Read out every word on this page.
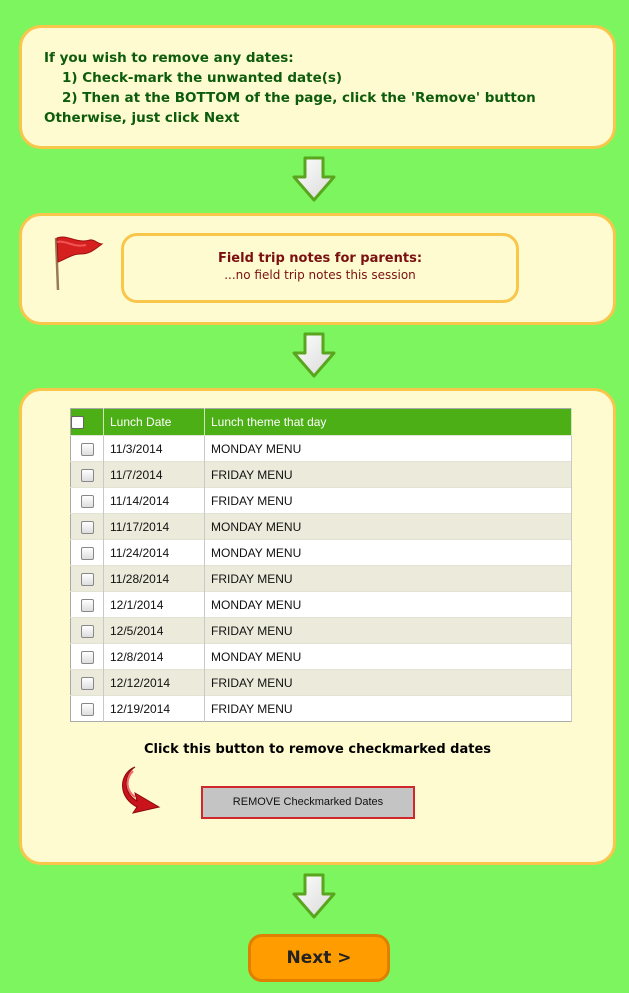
If you wish to remove any dates:
1) Check-mark the unwanted date(s)
2) Then at the BOTTOM of the page, click the 'Remove' button
Otherwise, just click Next
Field trip notes for parents:
...no field trip notes this session
	Lunch Date	Lunch theme that day
	11/3/2014	MONDAY MENU
	11/7/2014	FRIDAY MENU
	11/14/2014	FRIDAY MENU
	11/17/2014	MONDAY MENU
	11/24/2014	MONDAY MENU
	11/28/2014	FRIDAY MENU
	12/1/2014	MONDAY MENU
	12/5/2014	FRIDAY MENU
	12/8/2014	MONDAY MENU
	12/12/2014	FRIDAY MENU
	12/19/2014	FRIDAY MENU
Click this button to remove checkmarked dates
REMOVE Checkmarked Dates
Next >
